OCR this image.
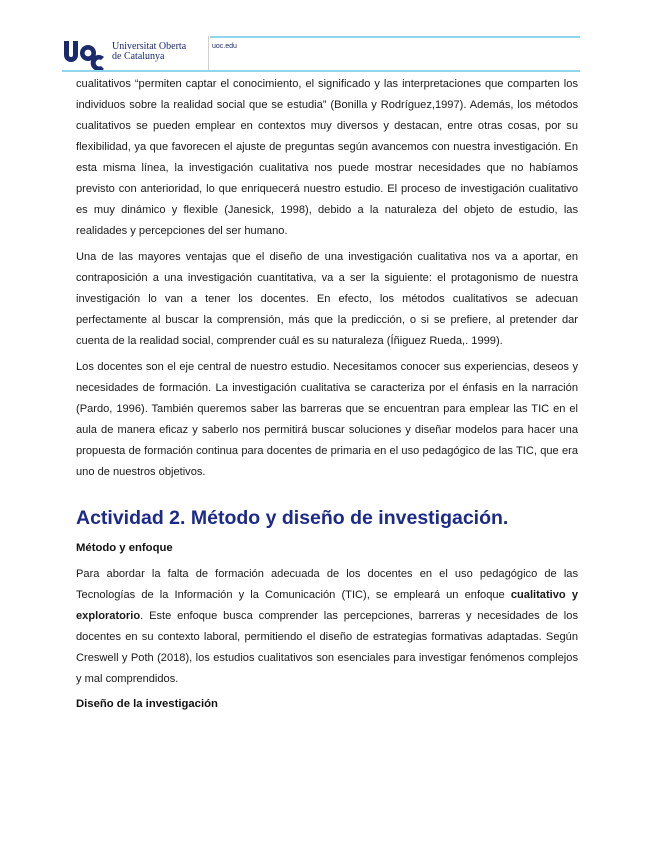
Universitat Oberta
de Catalunya
uoc.edu

cualitativos “permiten captar el conocimiento, el significado y las interpretaciones que comparten los individuos sobre la realidad social que se estudia” (Bonilla y Rodríguez,1997). Además, los métodos cualitativos se pueden emplear en contextos muy diversos y destacan, entre otras cosas, por su flexibilidad, ya que favorecen el ajuste de preguntas según avancemos con nuestra investigación. En esta misma línea, la investigación cualitativa nos puede mostrar necesidades que no habíamos previsto con anterioridad, lo que enriquecerá nuestro estudio. El proceso de investigación cualitativo es muy dinámico y flexible (Janesick, 1998), debido a la naturaleza del objeto de estudio, las realidades y percepciones del ser humano.

Una de las mayores ventajas que el diseño de una investigación cualitativa nos va a aportar, en contraposición a una investigación cuantitativa, va a ser la siguiente: el protagonismo de nuestra investigación lo van a tener los docentes. En efecto, los métodos cualitativos se adecuan perfectamente al buscar la comprensión, más que la predicción, o si se prefiere, al pretender dar cuenta de la realidad social, comprender cuál es su naturaleza (Íñiguez Rueda,. 1999).

Los docentes son el eje central de nuestro estudio. Necesitamos conocer sus experiencias, deseos y necesidades de formación. La investigación cualitativa se caracteriza por el énfasis en la narración (Pardo, 1996). También queremos saber las barreras que se encuentran para emplear las TIC en el aula de manera eficaz y saberlo nos permitirá buscar soluciones y diseñar modelos para hacer una propuesta de formación continua para docentes de primaria en el uso pedagógico de las TIC, que era uno de nuestros objetivos.

Actividad 2. Método y diseño de investigación.
Método y enfoque

Para abordar la falta de formación adecuada de los docentes en el uso pedagógico de las Tecnologías de la Información y la Comunicación (TIC), se empleará un enfoque cualitativo y exploratorio. Este enfoque busca comprender las percepciones, barreras y necesidades de los docentes en su contexto laboral, permitiendo el diseño de estrategias formativas adaptadas. Según Creswell y Poth (2018), los estudios cualitativos son esenciales para investigar fenómenos complejos y mal comprendidos.

Diseño de la investigación
